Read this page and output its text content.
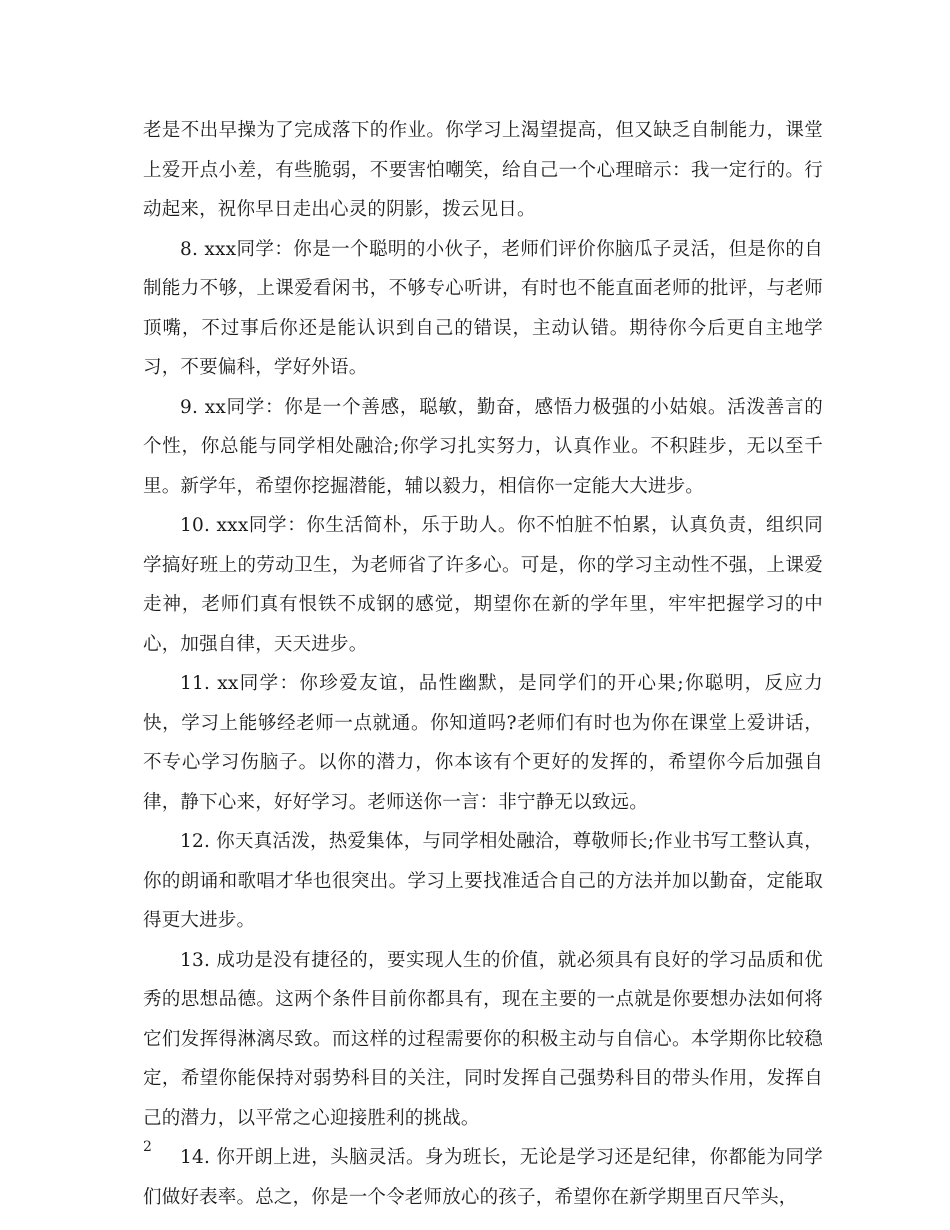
老是不出早操为了完成落下的作业。你学习上渴望提高，但又缺乏自制能力，课堂上爱开点小差，有些脆弱，不要害怕嘲笑，给自己一个心理暗示：我一定行的。行动起来，祝你早日走出心灵的阴影，拨云见日。

8. xxx同学：你是一个聪明的小伙子，老师们评价你脑瓜子灵活，但是你的自制能力不够，上课爱看闲书，不够专心听讲，有时也不能直面老师的批评，与老师顶嘴，不过事后你还是能认识到自己的错误，主动认错。期待你今后更自主地学习，不要偏科，学好外语。

9. xx同学：你是一个善感，聪敏，勤奋，感悟力极强的小姑娘。活泼善言的个性，你总能与同学相处融洽;你学习扎实努力，认真作业。不积跬步，无以至千里。新学年，希望你挖掘潜能，辅以毅力，相信你一定能大大进步。

10. xxx同学：你生活简朴，乐于助人。你不怕脏不怕累，认真负责，组织同学搞好班上的劳动卫生，为老师省了许多心。可是，你的学习主动性不强，上课爱走神，老师们真有恨铁不成钢的感觉，期望你在新的学年里，牢牢把握学习的中心，加强自律，天天进步。

11. xx同学：你珍爱友谊，品性幽默，是同学们的开心果;你聪明，反应力快，学习上能够经老师一点就通。你知道吗?老师们有时也为你在课堂上爱讲话，不专心学习伤脑子。以你的潜力，你本该有个更好的发挥的，希望你今后加强自律，静下心来，好好学习。老师送你一言：非宁静无以致远。

12. 你天真活泼，热爱集体，与同学相处融洽，尊敬师长;作业书写工整认真，你的朗诵和歌唱才华也很突出。学习上要找准适合自己的方法并加以勤奋，定能取得更大进步。

13. 成功是没有捷径的，要实现人生的价值，就必须具有良好的学习品质和优秀的思想品德。这两个条件目前你都具有，现在主要的一点就是你要想办法如何将它们发挥得淋漓尽致。而这样的过程需要你的积极主动与自信心。本学期你比较稳定，希望你能保持对弱势科目的关注，同时发挥自己强势科目的带头作用，发挥自己的潜力，以平常之心迎接胜利的挑战。

14. 你开朗上进，头脑灵活。身为班长，无论是学习还是纪律，你都能为同学们做好表率。总之，你是一个令老师放心的孩子，希望你在新学期里百尺竿头，

2
